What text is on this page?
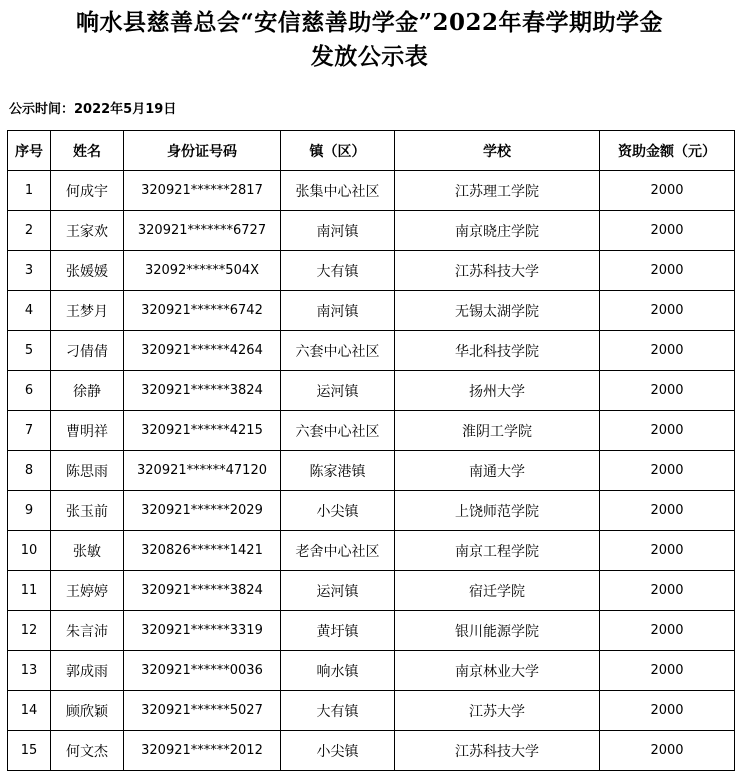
响水县慈善总会“安信慈善助学金”2022年春学期助学金
发放公示表
公示时间：2022年5月19日
序号	姓名	身份证号码	镇（区）	学校	资助金额（元）
1	何成宇	320921******2817	张集中心社区	江苏理工学院	2000
2	王家欢	320921*******6727	南河镇	南京晓庄学院	2000
3	张媛媛	32092******504X	大有镇	江苏科技大学	2000
4	王梦月	320921******6742	南河镇	无锡太湖学院	2000
5	刁倩倩	320921******4264	六套中心社区	华北科技学院	2000
6	徐静	320921******3824	运河镇	扬州大学	2000
7	曹明祥	320921******4215	六套中心社区	淮阴工学院	2000
8	陈思雨	320921******47120	陈家港镇	南通大学	2000
9	张玉前	320921******2029	小尖镇	上饶师范学院	2000
10	张敏	320826******1421	老舍中心社区	南京工程学院	2000
11	王婷婷	320921******3824	运河镇	宿迁学院	2000
12	朱言沛	320921******3319	黄圩镇	银川能源学院	2000
13	郭成雨	320921******0036	响水镇	南京林业大学	2000
14	顾欣颖	320921******5027	大有镇	江苏大学	2000
15	何文杰	320921******2012	小尖镇	江苏科技大学	2000
